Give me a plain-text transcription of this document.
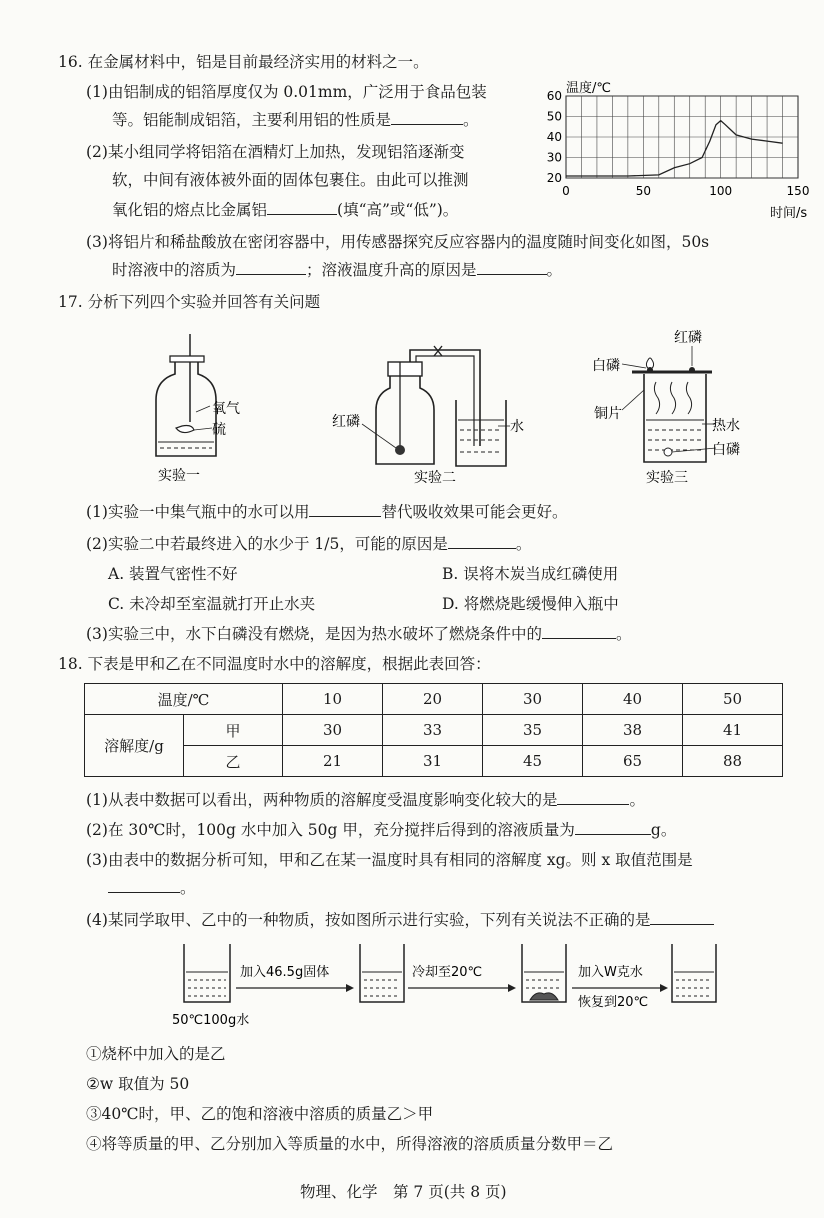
16. 在金属材料中，铝是目前最经济实用的材料之一。
(1)由铝制成的铝箔厚度仅为 0.01mm，广泛用于食品包装
等。铝能制成铝箔，主要利用铝的性质是	。
(2)某小组同学将铝箔在酒精灯上加热，发现铝箔逐渐变
软，中间有液体被外面的固体包裹住。由此可以推测
氧化铝的熔点比金属铝	(填“高”或“低”)。
(3)将铝片和稀盐酸放在密闭容器中，用传感器探究反应容器内的温度随时间变化如图，50s
时溶液中的溶质为	；溶液温度升高的原因是	。
20
30
40
50
60
0	50	100	150
温度/℃
时间/s
17. 分析下列四个实验并回答有关问题
氧气
硫
实验一
红磷	水
实验二
红磷
白磷
铜片
热水
白磷
实验三
(1)实验一中集气瓶中的水可以用	替代吸收效果可能会更好。
(2)实验二中若最终进入的水少于 1/5，可能的原因是	。
A. 装置气密性不好	B. 误将木炭当成红磷使用
C. 未冷却至室温就打开止水夹	D. 将燃烧匙缓慢伸入瓶中
(3)实验三中，水下白磷没有燃烧，是因为热水破坏了燃烧条件中的	。
18. 下表是甲和乙在不同温度时水中的溶解度，根据此表回答：
温度/℃		10	20	30	40	50
溶解度/g	甲	30	33	35	38	41
	乙	21	31	45	65	88
(1)从表中数据可以看出，两种物质的溶解度受温度影响变化较大的是	。
(2)在 30℃时，100g 水中加入 50g 甲，充分搅拌后得到的溶液质量为	g。
(3)由表中的数据分析可知，甲和乙在某一温度时具有相同的溶解度 xg。则 x 取值范围是
。
(4)某同学取甲、乙中的一种物质，按如图所示进行实验，下列有关说法不正确的是
加入46.5g固体	冷却至20℃	加入W克水
恢复到20℃
50℃100g水
①烧杯中加入的是乙
②w 取值为 50
③40℃时，甲、乙的饱和溶液中溶质的质量乙＞甲
④将等质量的甲、乙分别加入等质量的水中，所得溶液的溶质质量分数甲＝乙
物理、化学　第 7 页(共 8 页)
